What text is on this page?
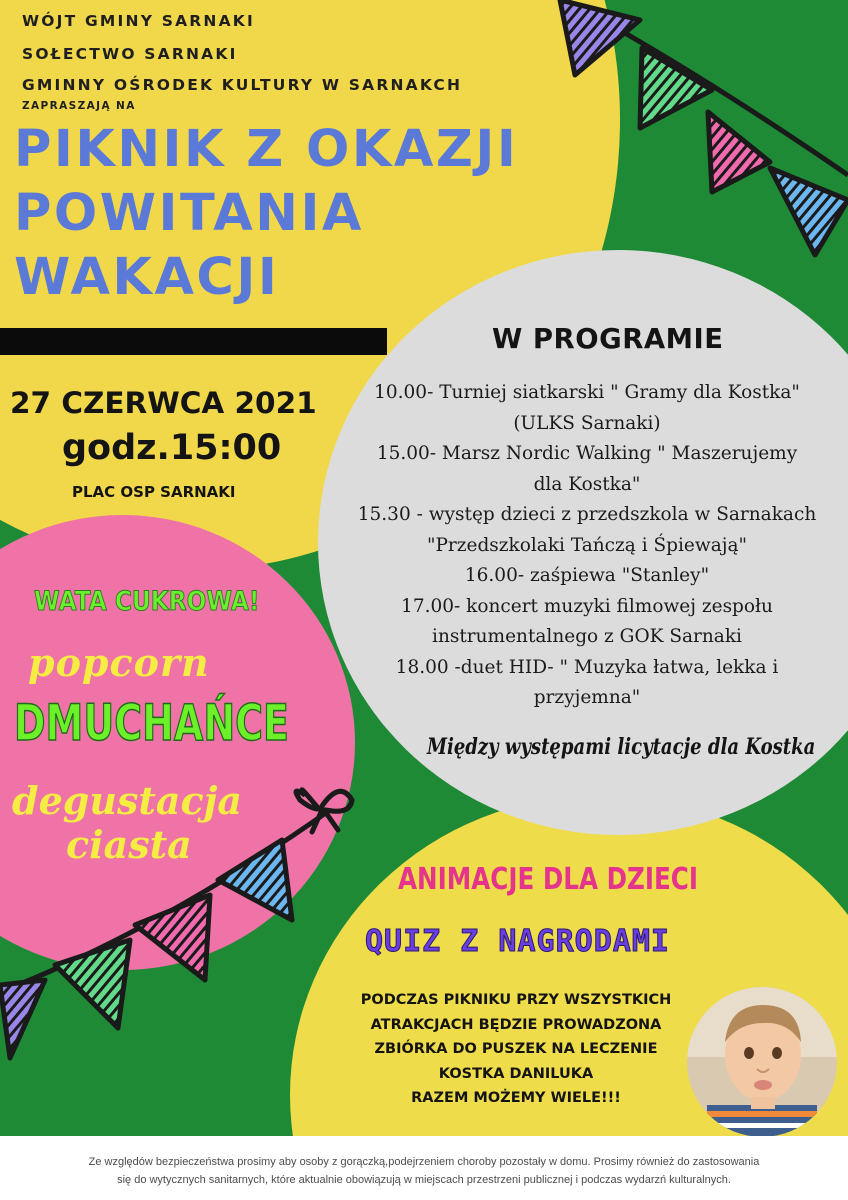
WÓJT GMINY SARNAKI
SOŁECTWO SARNAKI
GMINNY OŚRODEK KULTURY W SARNAKCH

ZAPRASZAJĄ NA

PIKNIK Z OKAZJI
POWITANIA
WAKACJI

27 CZERWCA 2021

godz.15:00

PLAC OSP SARNAKI

W PROGRAMIE
10.00- Turniej siatkarski " Gramy dla Kostka"
(ULKS Sarnaki)
15.00- Marsz Nordic Walking " Maszerujemy
dla Kostka"
15.30 - występ dzieci z przedszkola w Sarnakach
"Przedszkolaki Tańczą i Śpiewają"
16.00- zaśpiewa "Stanley"
17.00- koncert muzyki filmowej zespołu
instrumentalnego z GOK Sarnaki
18.00 -duet HID- " Muzyka łatwa, lekka i
przyjemna"

Między występami licytacje dla Kostka

WATA CUKROWA!

popcorn

DMUCHAŃCE

degustacja

ciasta

ANIMACJE DLA DZIECI

QUIZ Z NAGRODAMI

PODCZAS PIKNIKU PRZY WSZYSTKICH
ATRAKCJACH BĘDZIE PROWADZONA
ZBIÓRKA DO PUSZEK NA LECZENIE
KOSTKA DANILUKA
RAZEM MOŻEMY WIELE!!!
Ze względów bezpieczeństwa prosimy aby osoby z gorączką,podejrzeniem choroby pozostały w domu. Prosimy również do zastosowania
się do wytycznych sanitarnych, które aktualnie obowiązują w miejscach przestrzeni publicznej i podczas wydarzń kulturalnych.
